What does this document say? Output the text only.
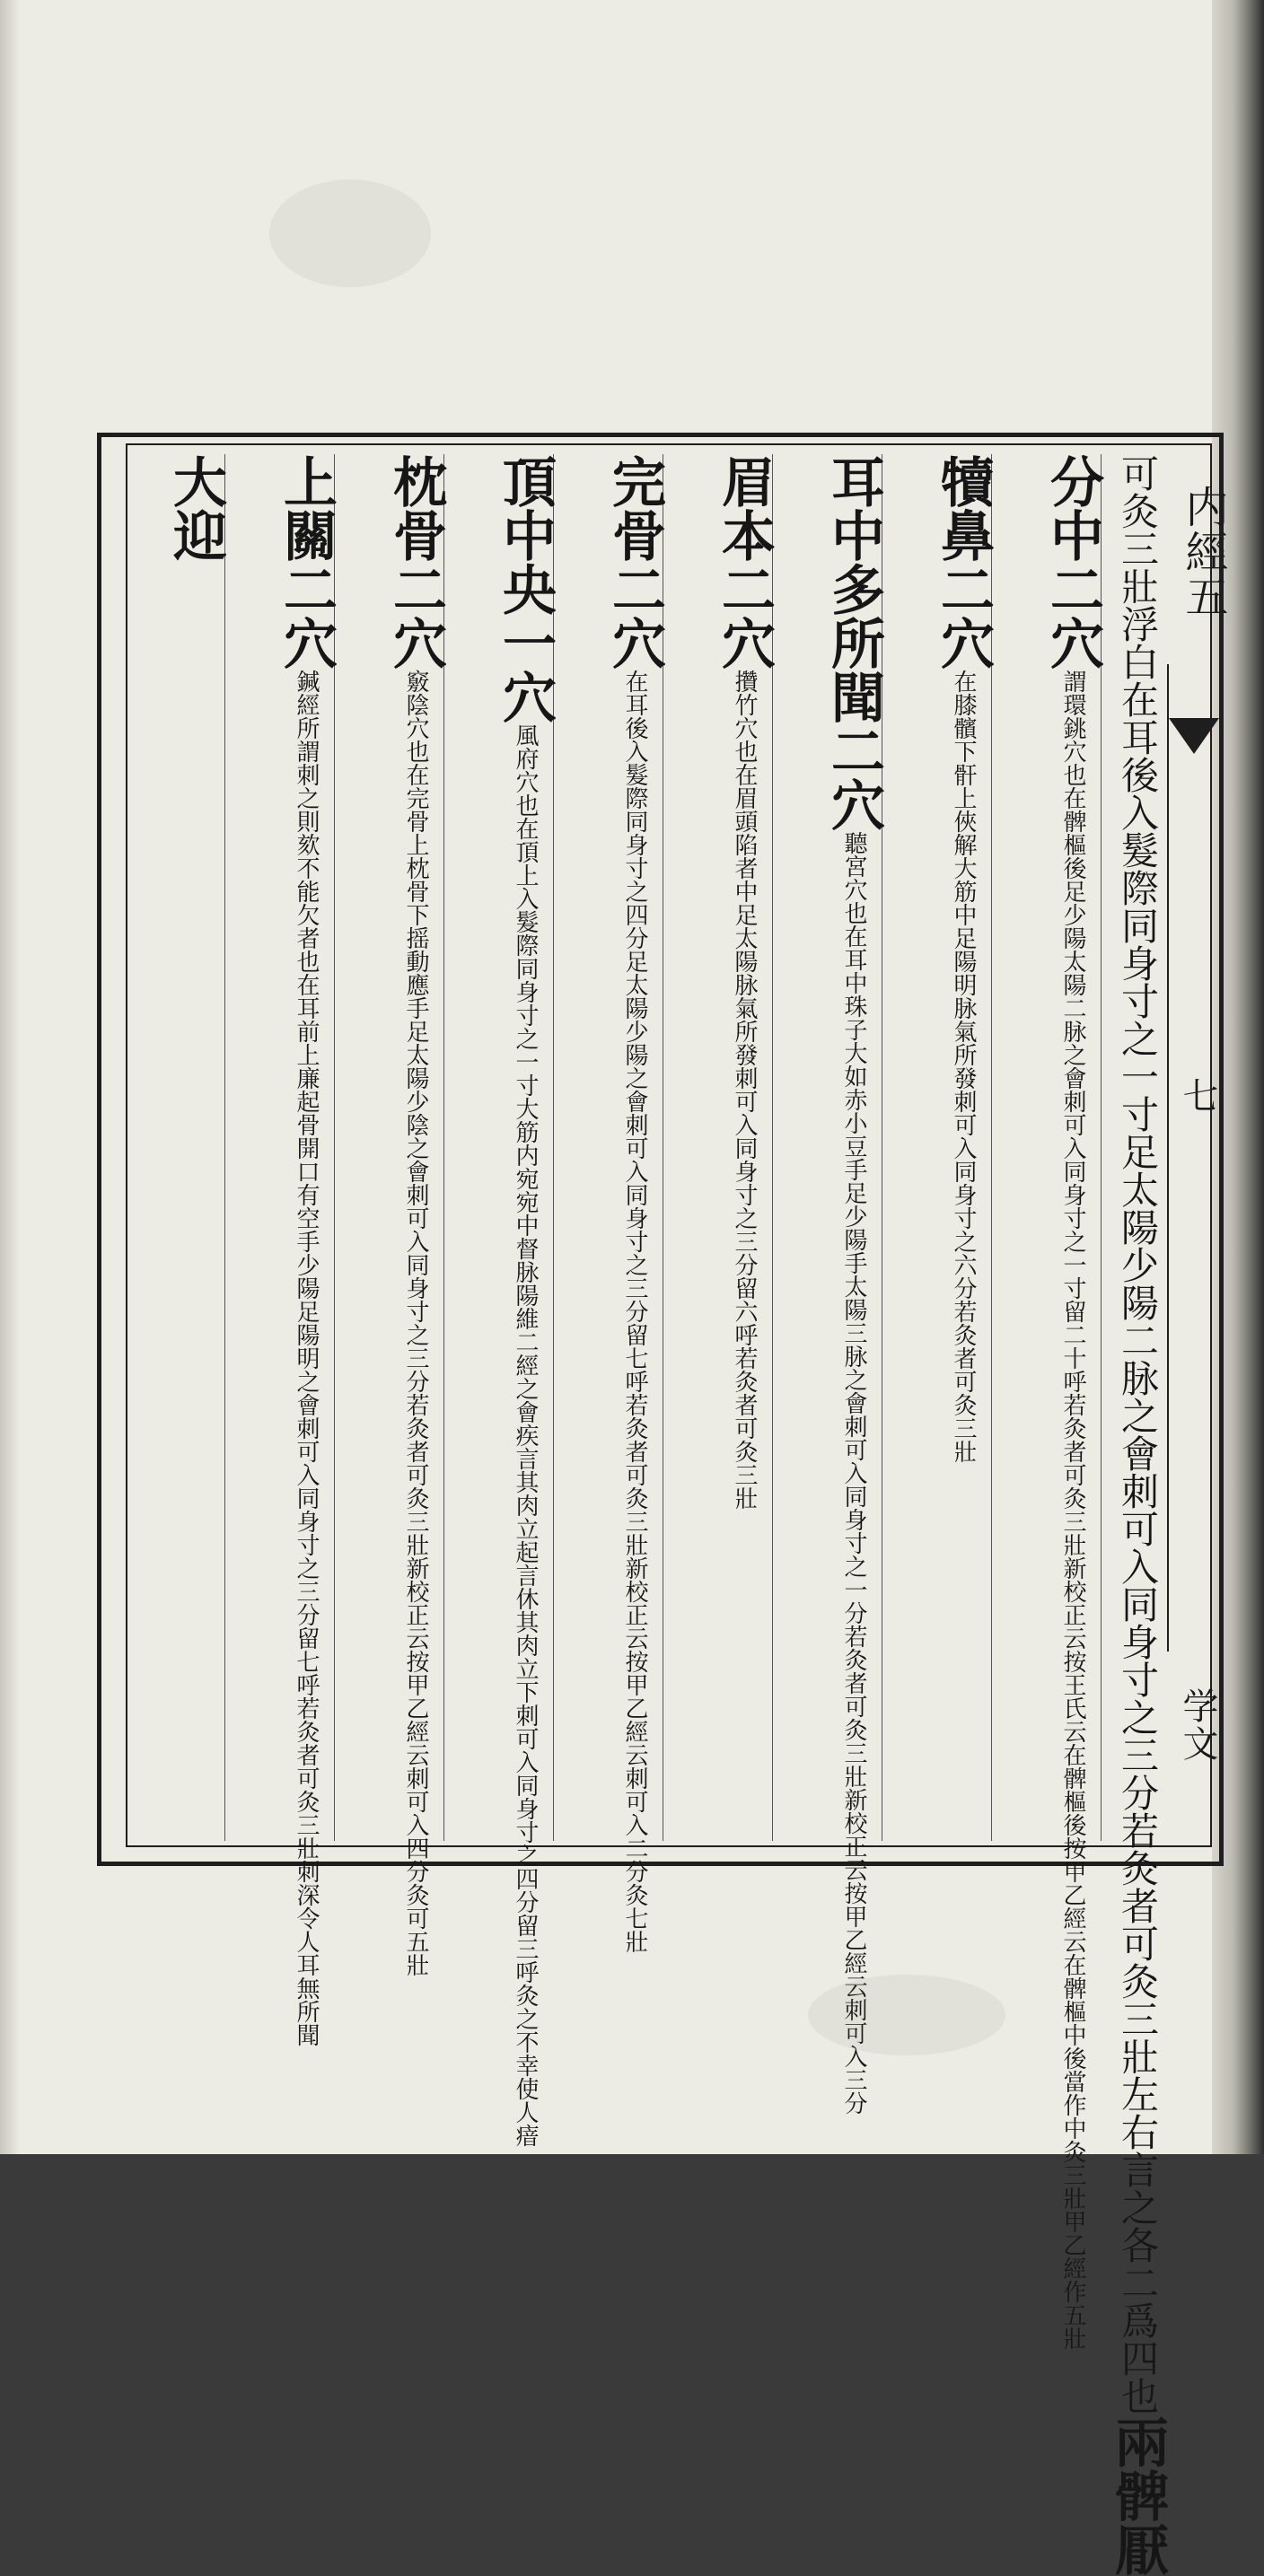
内經五
七
学文
可灸三壯浮白在耳後入髮際同身寸之一寸足太陽少陽二脉之會刺可入同身寸之三分若灸者可灸三壯左右言之各二爲四也兩髀厭
分中二穴謂環銚穴也在髀樞後足少陽太陽二脉之會刺可入同身寸之一寸留二十呼若灸者可灸三壯新校正云按王氏云在髀樞後按甲乙經云在髀樞中後當作中灸三壯甲乙經作五壯
犢鼻二穴在膝髕下骭上俠解大筋中足陽明脉氣所發刺可入同身寸之六分若灸者可灸三壯
耳中多所聞二穴聽宮穴也在耳中珠子大如赤小豆手足少陽手太陽三脉之會刺可入同身寸之一分若灸者可灸三壯新校正云按甲乙經云刺可入三分
眉本二穴攢竹穴也在眉頭陷者中足太陽脉氣所發刺可入同身寸之三分留六呼若灸者可灸三壯
完骨二穴在耳後入髮際同身寸之四分足太陽少陽之會刺可入同身寸之三分留七呼若灸者可灸三壯新校正云按甲乙經云刺可入二分灸七壯
頂中央一穴風府穴也在頂上入髮際同身寸之一寸大筋内宛宛中督脉陽維二經之會疾言其肉立起言休其肉立下刺可入同身寸之四分留三呼灸之不幸使人瘖
枕骨二穴竅陰穴也在完骨上枕骨下摇動應手足太陽少陰之會刺可入同身寸之三分若灸者可灸三壯新校正云按甲乙經云刺可入四分灸可五壯
上關二穴鍼經所謂刺之則欬不能欠者也在耳前上廉起骨開口有空手少陽足陽明之會刺可入同身寸之三分留七呼若灸者可灸三壯刺深令人耳無所聞
大迎
